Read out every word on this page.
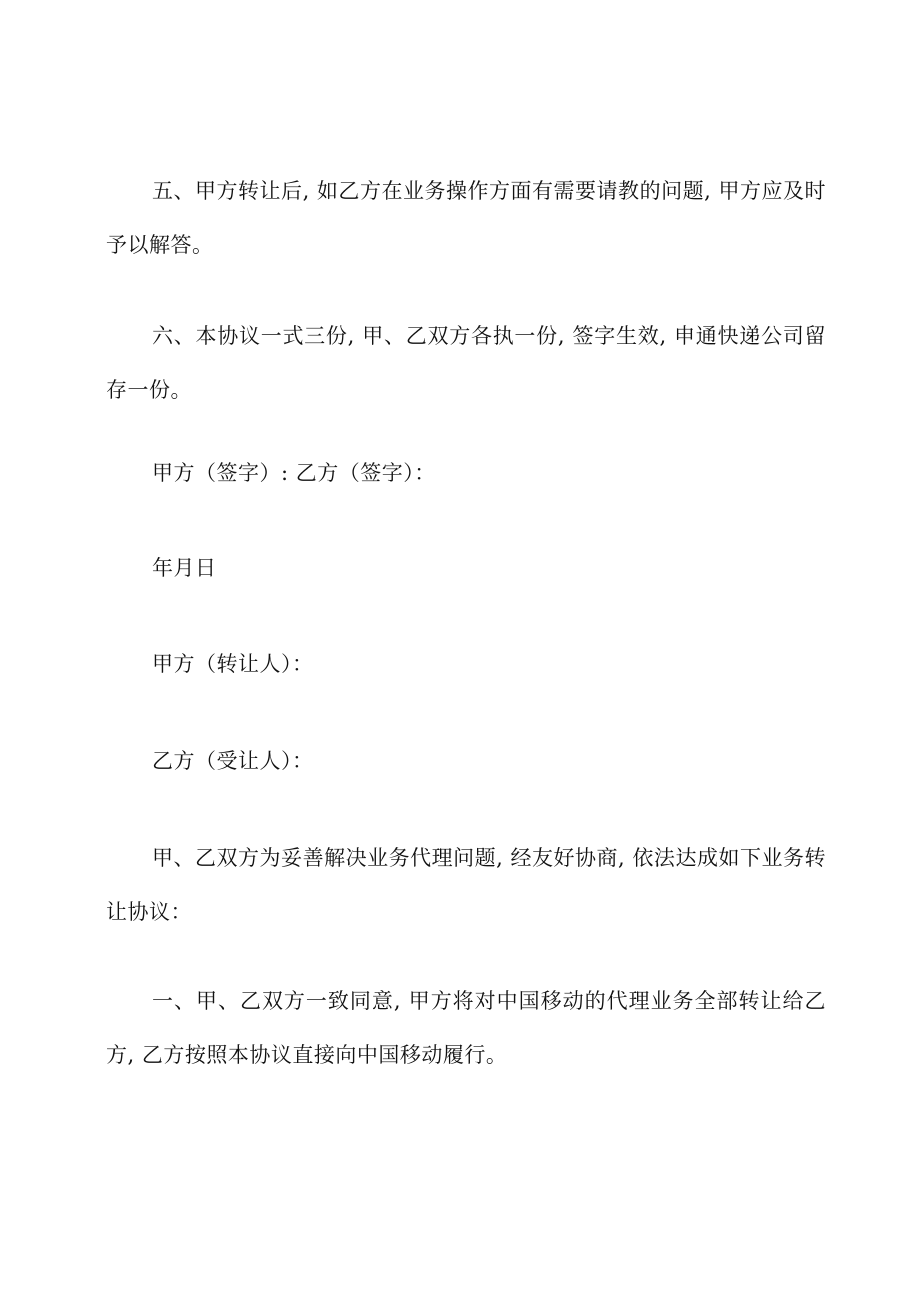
五、甲方转让后, 如乙方在业务操作方面有需要请教的问题, 甲方应及时予以解答。

六、本协议一式三份, 甲、乙双方各执一份, 签字生效, 申通快递公司留存一份。

甲方（签字）: 乙方（签字）：

年月日

甲方（转让人）：

乙方（受让人）：

甲、乙双方为妥善解决业务代理问题, 经友好协商, 依法达成如下业务转让协议：

一、甲、乙双方一致同意, 甲方将对中国移动的代理业务全部转让给乙方, 乙方按照本协议直接向中国移动履行。
